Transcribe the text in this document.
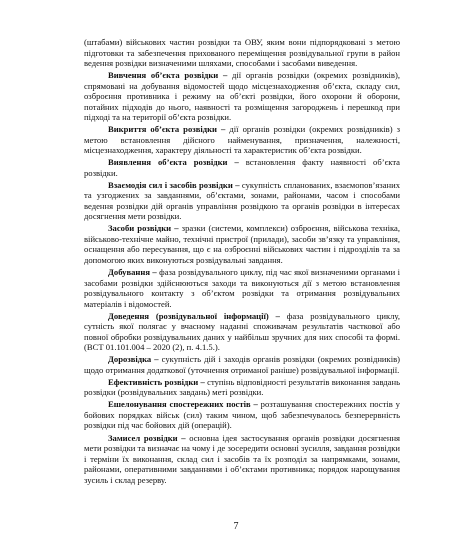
(штабами) військових частин розвідки та ОВУ, яким вони підпорядковані з метою підготовки та забезпечення прихованого переміщення розвідувальної групи в район ведення розвідки визначеними шляхами, способами і засобами виведення.

Вивчення об’єкта розвідки – дії органів розвідки (окремих розвідників), спрямовані на добування відомостей щодо місцезнаходження об’єкта, складу сил, озброєння противника і режиму на об’єкті розвідки, його охорони й оборони, потайних підходів до нього, наявності та розміщення загороджень і перешкод при підході та на території об’єкта розвідки.

Викриття об’єкта розвідки – дії органів розвідки (окремих розвідників) з метою встановлення дійсного найменування, призначення, належності, місцезнаходження, характеру діяльності та характеристик об’єкта розвідки.

Виявлення об’єкта розвідки – встановлення факту наявності об’єкта розвідки.

Взаємодія сил і засобів розвідки – сукупність спланованих, взаємопов’язаних та узгоджених за завданнями, об’єктами, зонами, районами, часом і способами ведення розвідки дій органів управління розвідкою та органів розвідки в інтересах досягнення мети розвідки.

Засоби розвідки – зразки (системи, комплекси) озброєння, військова техніка, військово-технічне майно, технічні пристрої (прилади), засоби зв’язку та управління, оснащення або пересування, що є на озброєнні військових частин і підрозділів та за допомогою яких виконуються розвідувальні завдання.

Добування – фаза розвідувального циклу, під час якої визначеними органами і засобами розвідки здійснюються заходи та виконуються дії з метою встановлення розвідувального контакту з об’єктом розвідки та отримання розвідувальних матеріалів і відомостей.

Доведення (розвідувальної інформації) – фаза розвідувального циклу, сутність якої полягає у вчасному наданні споживачам результатів часткової або повної обробки розвідувальних даних у найбільш зручних для них способі та формі. (ВСТ 01.101.004 – 2020 (2), п. 4.1.5.).

Дорозвідка – сукупність дій і заходів органів розвідки (окремих розвідників) щодо отримання додаткової (уточнення отриманої раніше) розвідувальної інформації.

Ефективність розвідки – ступінь відповідності результатів виконання завдань розвідки (розвідувальних завдань) меті розвідки.

Ешелонування спостережних постів – розташування спостережних постів у бойових порядках військ (сил) таким чином, щоб забезпечувалось безперервність розвідки під час бойових дій (операцій).

Замисел розвідки – основна ідея застосування органів розвідки досягнення мети розвідки та визначає на чому і де зосередити основні зусилля, завдання розвідки і терміни їх виконання, склад сил і засобів та їх розподіл за напрямками, зонами, районами, оперативними завданнями і об’єктами противника; порядок нарощування зусиль і склад резерву.

7
